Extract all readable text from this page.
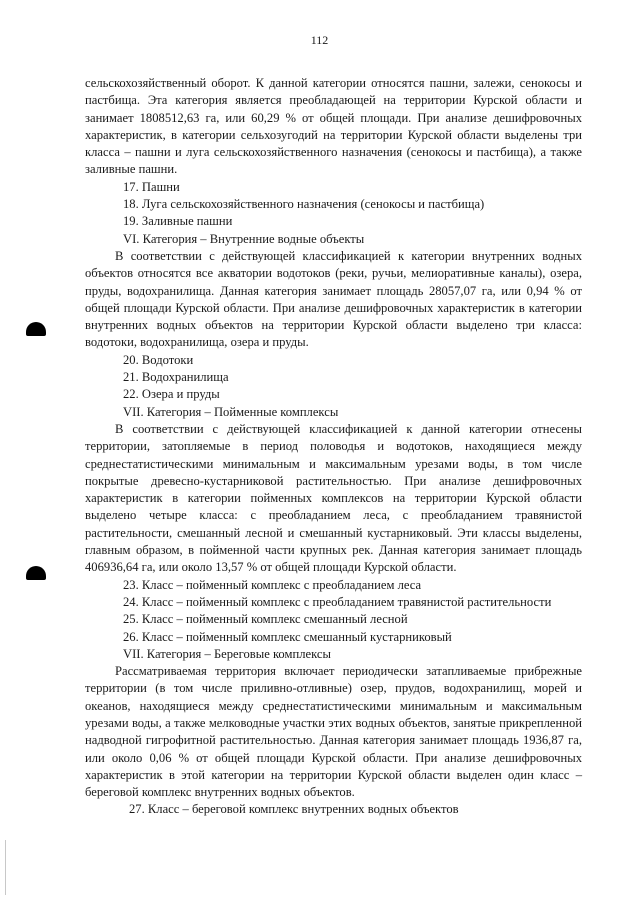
112

сельскохозяйственный оборот. К данной категории относятся пашни, залежи, сенокосы и пастбища. Эта категория является преобладающей на территории Курской области и занимает 1808512,63 га, или 60,29 % от общей площади. При анализе дешифровочных характеристик, в категории сельхозугодий на территории Курской области выделены три класса – пашни и луга сельскохозяйственного назначения (сенокосы и пастбища), а также заливные пашни.

17. Пашни

18. Луга сельскохозяйственного назначения (сенокосы и пастбища)

19. Заливные пашни

VI. Категория – Внутренние водные объекты

В соответствии с действующей классификацией к категории внутренних водных объектов относятся все акватории водотоков (реки, ручьи, мелиоративные каналы), озера, пруды, водохранилища. Данная категория занимает площадь 28057,07 га, или 0,94 % от общей площади Курской области. При анализе дешифровочных характеристик в категории внутренних водных объектов на территории Курской области выделено три класса: водотоки, водохранилища, озера и пруды.

20. Водотоки

21. Водохранилища

22. Озера и пруды

VII. Категория – Пойменные комплексы

В соответствии с действующей классификацией к данной категории отнесены территории, затопляемые в период половодья и водотоков, находящиеся между среднестатистическими минимальным и максимальным урезами воды, в том числе покрытые древесно-кустарниковой растительностью. При анализе дешифровочных характеристик в категории пойменных комплексов на территории Курской области выделено четыре класса: с преобладанием леса, с преобладанием травянистой растительности, смешанный лесной и смешанный кустарниковый. Эти классы выделены, главным образом, в пойменной части крупных рек. Данная категория занимает площадь 406936,64 га, или около 13,57 % от общей площади Курской области.

23. Класс – пойменный комплекс с преобладанием леса

24. Класс – пойменный комплекс с преобладанием травянистой растительности

25. Класс – пойменный комплекс смешанный лесной

26. Класс – пойменный комплекс смешанный кустарниковый

VII. Категория – Береговые комплексы

Рассматриваемая территория включает периодически затапливаемые прибрежные территории (в том числе приливно-отливные) озер, прудов, водохранилищ, морей и океанов, находящиеся между среднестатистическими минимальным и максимальным урезами воды, а также мелководные участки этих водных объектов, занятые прикрепленной надводной гигрофитной растительностью. Данная категория занимает площадь 1936,87 га, или около 0,06 % от общей площади Курской области. При анализе дешифровочных характеристик в этой категории на территории Курской области выделен один класс – береговой комплекс внутренних водных объектов.

27. Класс – береговой комплекс внутренних водных объектов
